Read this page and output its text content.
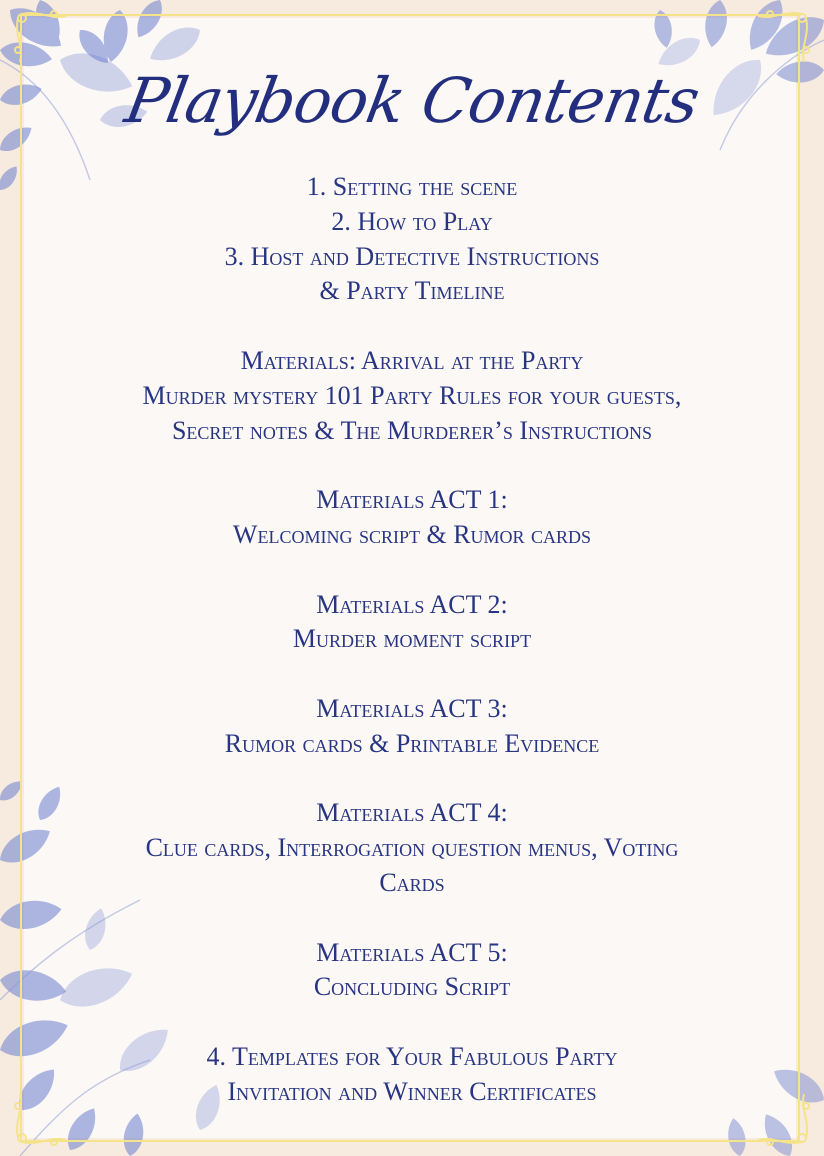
Playbook Contents
1. Setting the scene
2. How to Play
3. Host and Detective Instructions
& Party Timeline
Materials: Arrival at the Party
Murder mystery 101 Party Rules for your guests,
Secret notes & The Murderer’s Instructions
Materials ACT 1:
Welcoming script & Rumor cards
Materials ACT 2:
Murder moment script
Materials ACT 3:
Rumor cards & Printable Evidence
Materials ACT 4:
Clue cards, Interrogation question menus, Voting
Cards
Materials ACT 5:
Concluding Script
4. Templates for Your Fabulous Party
Invitation and Winner Certificates
